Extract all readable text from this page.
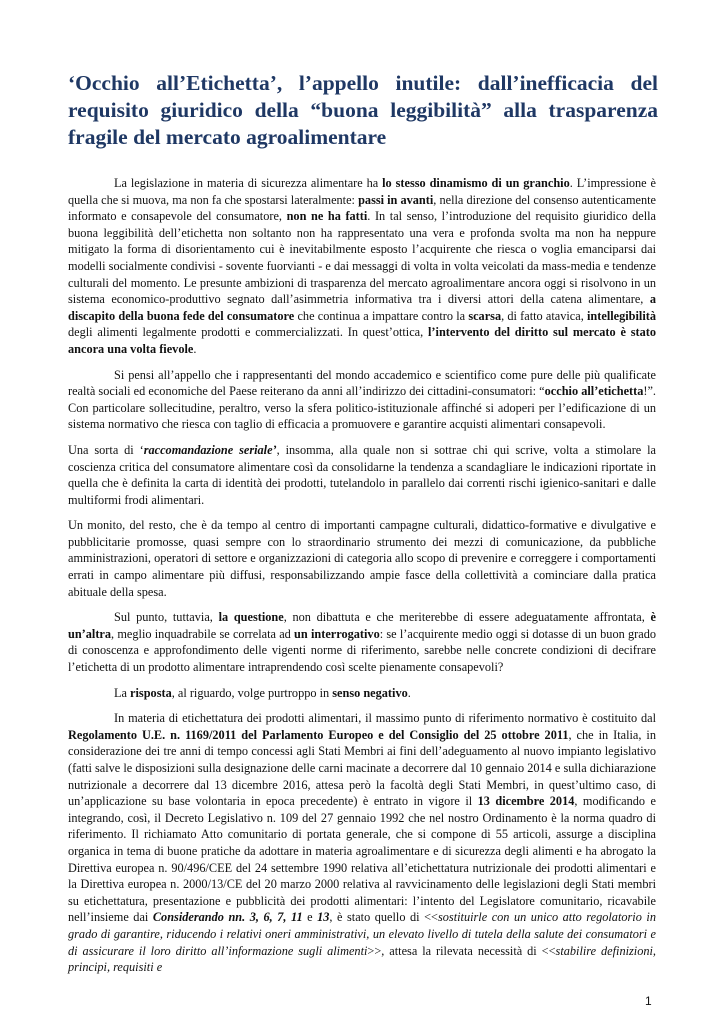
‘Occhio all’Etichetta’, l’appello inutile: dall’inefficacia del requisito giuridico della “buona leggibilità” alla trasparenza fragile del mercato agroalimentare

La legislazione in materia di sicurezza alimentare ha lo stesso dinamismo di un granchio. L’impressione è quella che si muova, ma non fa che spostarsi lateralmente: passi in avanti, nella direzione del consenso autenticamente informato e consapevole del consumatore, non ne ha fatti. In tal senso, l’introduzione del requisito giuridico della buona leggibilità dell’etichetta non soltanto non ha rappresentato una vera e profonda svolta ma non ha neppure mitigato la forma di disorientamento cui è inevitabilmente esposto l’acquirente che riesca o voglia emanciparsi dai modelli socialmente condivisi - sovente fuorvianti - e dai messaggi di volta in volta veicolati da mass-media e tendenze culturali del momento. Le presunte ambizioni di trasparenza del mercato agroalimentare ancora oggi si risolvono in un sistema economico-produttivo segnato dall’asimmetria informativa tra i diversi attori della catena alimentare, a discapito della buona fede del consumatore che continua a impattare contro la scarsa, di fatto atavica, intellegibilità degli alimenti legalmente prodotti e commercializzati. In quest’ottica, l’intervento del diritto sul mercato è stato ancora una volta fievole.

Si pensi all’appello che i rappresentanti del mondo accademico e scientifico come pure delle più qualificate realtà sociali ed economiche del Paese reiterano da anni all’indirizzo dei cittadini-consumatori: “occhio all’etichetta!”. Con particolare sollecitudine, peraltro, verso la sfera politico-istituzionale affinché si adoperi per l’edificazione di un sistema normativo che riesca con taglio di efficacia a promuovere e garantire acquisti alimentari consapevoli.

Una sorta di ‘raccomandazione seriale’, insomma, alla quale non si sottrae chi qui scrive, volta a stimolare la coscienza critica del consumatore alimentare così da consolidarne la tendenza a scandagliare le indicazioni riportate in quella che è definita la carta di identità dei prodotti, tutelandolo in parallelo dai correnti rischi igienico-sanitari e dalle multiformi frodi alimentari.

Un monito, del resto, che è da tempo al centro di importanti campagne culturali, didattico-formative e divulgative e pubblicitarie promosse, quasi sempre con lo straordinario strumento dei mezzi di comunicazione, da pubbliche amministrazioni, operatori di settore e organizzazioni di categoria allo scopo di prevenire e correggere i comportamenti errati in campo alimentare più diffusi, responsabilizzando ampie fasce della collettività a cominciare dalla pratica abituale della spesa.

Sul punto, tuttavia, la questione, non dibattuta e che meriterebbe di essere adeguatamente affrontata, è un’altra, meglio inquadrabile se correlata ad un interrogativo: se l’acquirente medio oggi si dotasse di un buon grado di conoscenza e approfondimento delle vigenti norme di riferimento, sarebbe nelle concrete condizioni di decifrare l’etichetta di un prodotto alimentare intraprendendo così scelte pienamente consapevoli?

La risposta, al riguardo, volge purtroppo in senso negativo.

In materia di etichettatura dei prodotti alimentari, il massimo punto di riferimento normativo è costituito dal Regolamento U.E. n. 1169/2011 del Parlamento Europeo e del Consiglio del 25 ottobre 2011, che in Italia, in considerazione dei tre anni di tempo concessi agli Stati Membri ai fini dell’adeguamento al nuovo impianto legislativo (fatti salve le disposizioni sulla designazione delle carni macinate a decorrere dal 10 gennaio 2014 e sulla dichiarazione nutrizionale a decorrere dal 13 dicembre 2016, attesa però la facoltà degli Stati Membri, in quest’ultimo caso, di un’applicazione su base volontaria in epoca precedente) è entrato in vigore il 13 dicembre 2014, modificando e integrando, così, il Decreto Legislativo n. 109 del 27 gennaio 1992 che nel nostro Ordinamento è la norma quadro di riferimento. Il richiamato Atto comunitario di portata generale, che si compone di 55 articoli, assurge a disciplina organica in tema di buone pratiche da adottare in materia agroalimentare e di sicurezza degli alimenti e ha abrogato la Direttiva europea n. 90/496/CEE del 24 settembre 1990 relativa all’etichettatura nutrizionale dei prodotti alimentari e la Direttiva europea n. 2000/13/CE del 20 marzo 2000 relativa al ravvicinamento delle legislazioni degli Stati membri su etichettatura, presentazione e pubblicità dei prodotti alimentari: l’intento del Legislatore comunitario, ricavabile nell’insieme dai Considerando nn. 3, 6, 7, 11 e 13, è stato quello di <<sostituirle con un unico atto regolatorio in grado di garantire, riducendo i relativi oneri amministrativi, un elevato livello di tutela della salute dei consumatori e di assicurare il loro diritto all’informazione sugli alimenti>>, attesa la rilevata necessità di <<stabilire definizioni, principi, requisiti e

1
